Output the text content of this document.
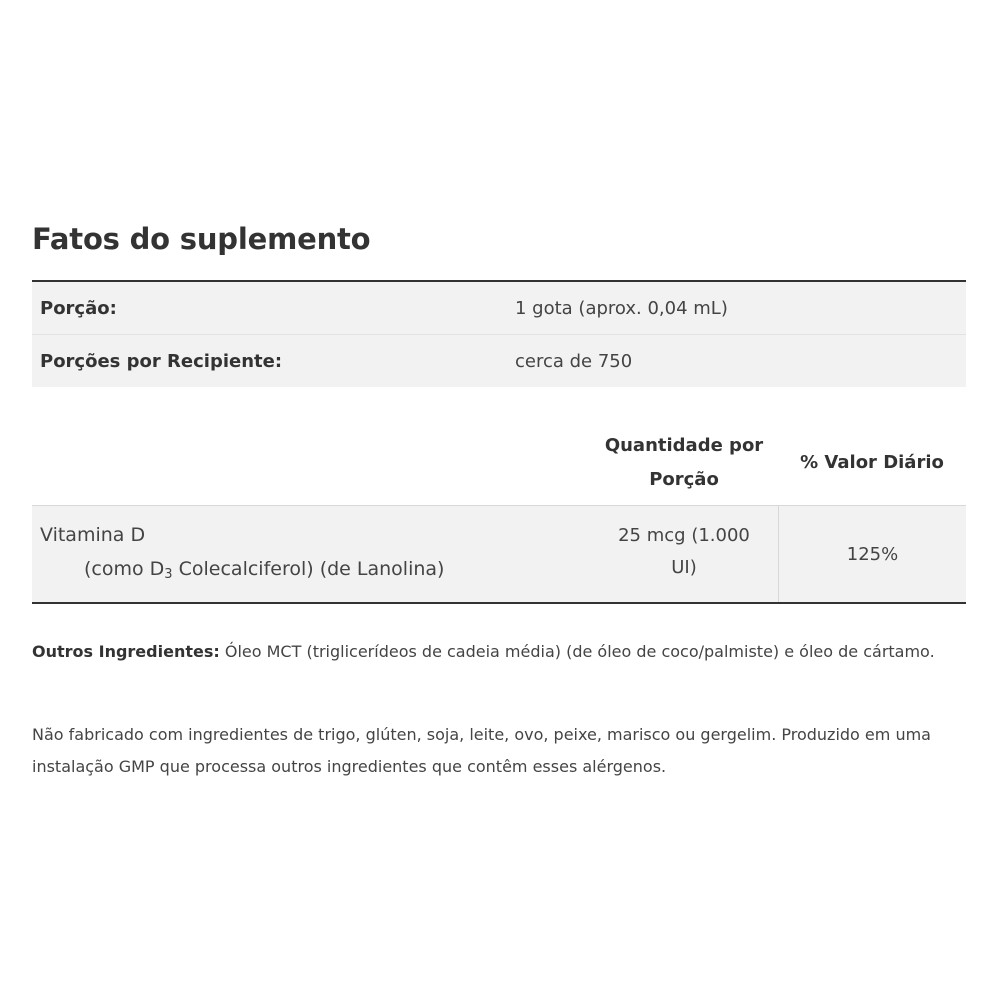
Fatos do suplemento
Porção:	1 gota (aprox. 0,04 mL)
Porções por Recipiente:	cerca de 750
Quantidade por
Porção
% Valor Diário
Vitamina D
(como $D_3$ Colecalciferol) (de Lanolina)
25 mcg (1.000
UI)
125%

Outros Ingredientes: Óleo MCT (triglicerídeos de cadeia média) (de óleo de coco/palmiste) e óleo de cártamo.

Não fabricado com ingredientes de trigo, glúten, soja, leite, ovo, peixe, marisco ou gergelim. Produzido em uma instalação GMP que processa outros ingredientes que contêm esses alérgenos.
